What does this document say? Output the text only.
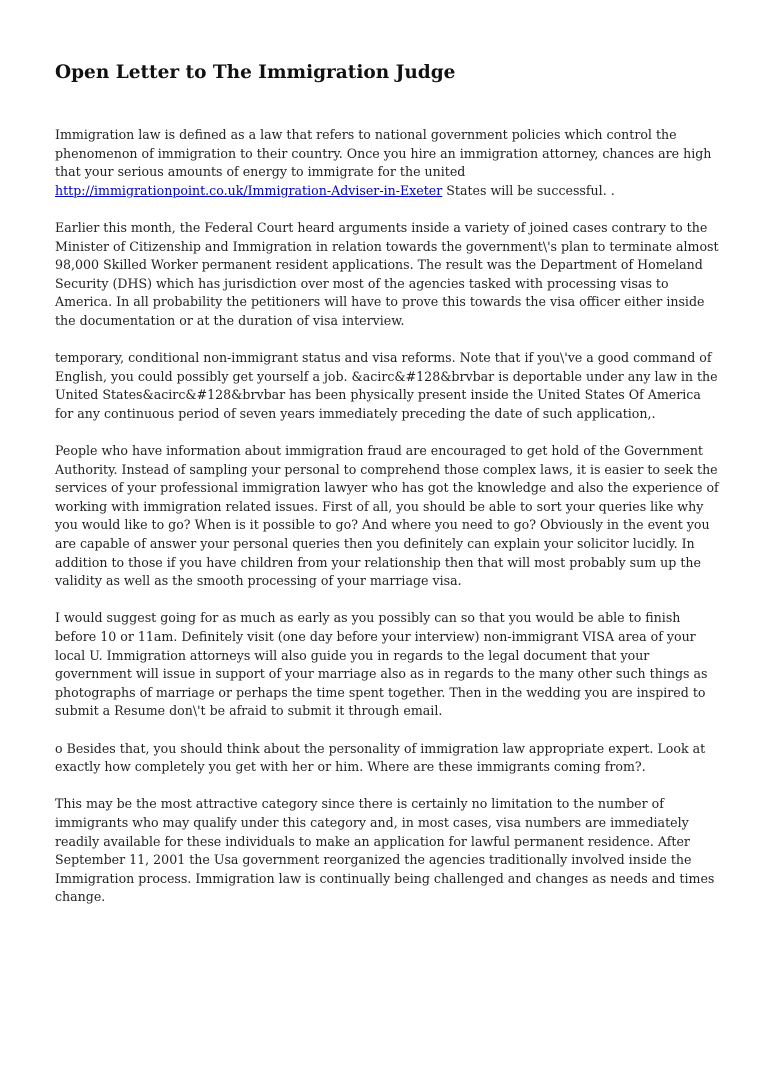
Open Letter to The Immigration Judge

Immigration law is defined as a law that refers to national government policies which control the phenomenon of immigration to their country. Once you hire an immigration attorney, chances are high that your serious amounts of energy to immigrate for the united http://immigrationpoint.co.uk/Immigration-Adviser-in-Exeter States will be successful. .

Earlier this month, the Federal Court heard arguments inside a variety of joined cases contrary to the Minister of Citizenship and Immigration in relation towards the government\'s plan to terminate almost 98,000 Skilled Worker permanent resident applications. The result was the Department of Homeland Security (DHS) which has jurisdiction over most of the agencies tasked with processing visas to America. In all probability the petitioners will have to prove this towards the visa officer either inside the documentation or at the duration of visa interview.

temporary, conditional non-immigrant status and visa reforms. Note that if you\'ve a good command of English, you could possibly get yourself a job. &acirc&#128&brvbar is deportable under any law in the United States&acirc&#128&brvbar has been physically present inside the United States Of America for any continuous period of seven years immediately preceding the date of such application,.

People who have information about immigration fraud are encouraged to get hold of the Government Authority. Instead of sampling your personal to comprehend those complex laws, it is easier to seek the services of your professional immigration lawyer who has got the knowledge and also the experience of working with immigration related issues. First of all, you should be able to sort your queries like why you would like to go? When is it possible to go? And where you need to go? Obviously in the event you are capable of answer your personal queries then you definitely can explain your solicitor lucidly. In addition to those if you have children from your relationship then that will most probably sum up the validity as well as the smooth processing of your marriage visa.

I would suggest going for as much as early as you possibly can so that you would be able to finish before 10 or 11am. Definitely visit (one day before your interview) non-immigrant VISA area of your local U. Immigration attorneys will also guide you in regards to the legal document that your government will issue in support of your marriage also as in regards to the many other such things as photographs of marriage or perhaps the time spent together. Then in the wedding you are inspired to submit a Resume don\'t be afraid to submit it through email.

o Besides that, you should think about the personality of immigration law appropriate expert. Look at exactly how completely you get with her or him. Where are these immigrants coming from?.

This may be the most attractive category since there is certainly no limitation to the number of immigrants who may qualify under this category and, in most cases, visa numbers are immediately readily available for these individuals to make an application for lawful permanent residence. After September 11, 2001 the Usa government reorganized the agencies traditionally involved inside the Immigration process. Immigration law is continually being challenged and changes as needs and times change.
